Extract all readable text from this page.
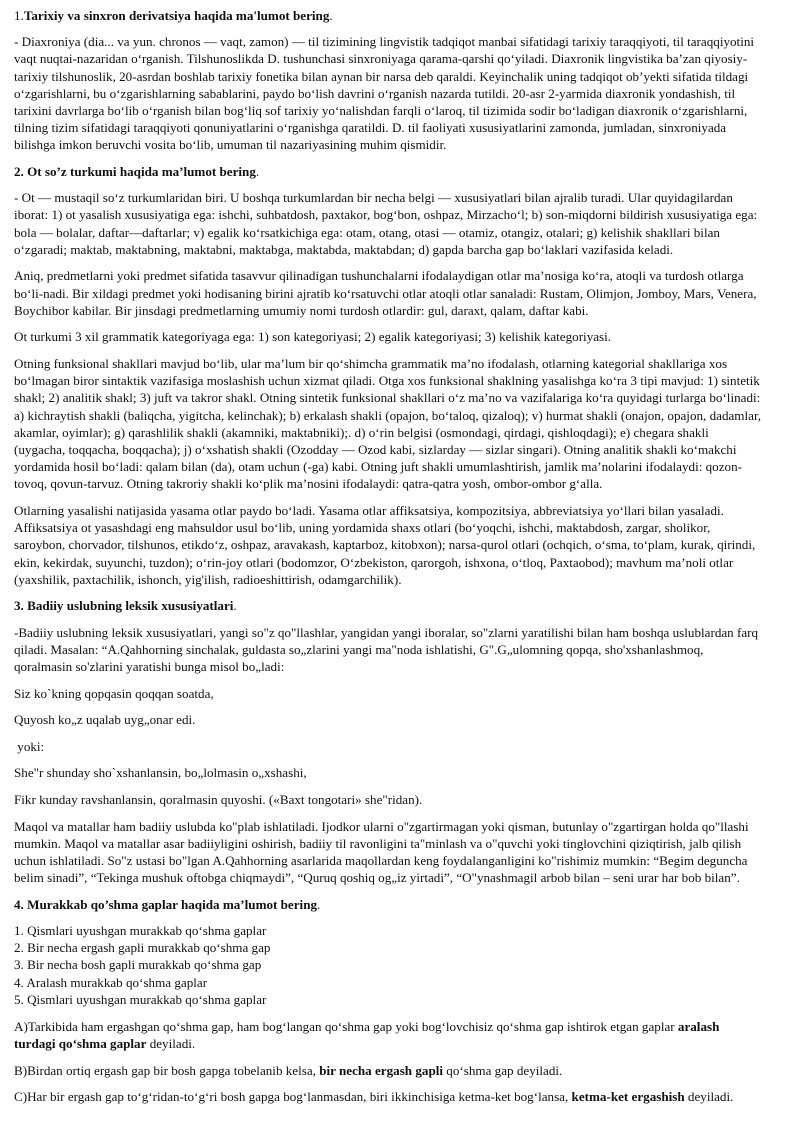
1.Tarixiy va sinxron derivatsiya haqida ma'lumot bering.

- Diaxroniya (dia... va yun. chronos — vaqt, zamon) — til tizimining lingvistik tadqiqot manbai sifatidagi tarixiy taraqqiyoti, til taraqqiyotini vaqt nuqtai-nazaridan oʻrganish. Tilshunoslikda D. tushunchasi sinxroniyaga qarama-qarshi qoʻyiladi. Diaxronik lingvistika baʼzan qiyosiy-tarixiy tilshunoslik, 20-asrdan boshlab tarixiy fonetika bilan aynan bir narsa deb qaraldi. Keyinchalik uning tadqiqot obʼyekti sifatida tildagi oʻzgarishlarni, bu oʻzgarishlarning sabablarini, paydo boʻlish davrini oʻrganish nazarda tutildi. 20-asr 2-yarmida diaxronik yondashish, til tarixini davrlarga boʻlib oʻrganish bilan bogʻliq sof tarixiy yoʻnalishdan farqli oʻlaroq, til tizimida sodir boʻladigan diaxronik oʻzgarishlarni, tilning tizim sifatidagi taraqqiyoti qonuniyatlarini oʻrganishga qaratildi. D. til faoliyati xususiyatlarini zamonda, jumladan, sinxroniyada bilishga imkon beruvchi vosita boʻlib, umuman til nazariyasining muhim qismidir.

2. Ot so’z turkumi haqida ma’lumot bering.

- Ot — mustaqil soʻz turkumlaridan biri. U boshqa turkumlardan bir necha belgi — xususiyatlari bilan ajralib turadi. Ular quyidagilardan iborat: 1) ot yasalish xususiyatiga ega: ishchi, suhbatdosh, paxtakor, bogʻbon, oshpaz, Mirzachoʻl; b) son-miqdorni bildirish xususiyatiga ega: bola — bolalar, daftar—daftarlar; v) egalik koʻrsatkichiga ega: otam, otang, otasi — otamiz, otangiz, otalari; g) kelishik shakllari bilan oʻzgaradi; maktab, maktabning, maktabni, maktabga, maktabda, maktabdan; d) gapda barcha gap boʻlaklari vazifasida keladi.

Aniq, predmetlarni yoki predmet sifatida tasavvur qilinadigan tushunchalarni ifodalaydigan otlar maʼnosiga koʻra, atoqli va turdosh otlarga boʻli-nadi. Bir xildagi predmet yoki hodisaning birini ajratib koʻrsatuvchi otlar atoqli otlar sanaladi: Rustam, Olimjon, Jomboy, Mars, Venera, Boychibor kabilar. Bir jinsdagi predmetlarning umumiy nomi turdosh otlardir: gul, daraxt, qalam, daftar kabi.

Ot turkumi 3 xil grammatik kategoriyaga ega: 1) son kategoriyasi; 2) egalik kategoriyasi; 3) kelishik kategoriyasi.

Otning funksional shakllari mavjud boʻlib, ular maʼlum bir qoʻshimcha grammatik maʼno ifodalash, otlarning kategorial shakllariga xos boʻlmagan biror sintaktik vazifasiga moslashish uchun xizmat qiladi. Otga xos funksional shaklning yasalishga koʻra 3 tipi mavjud: 1) sintetik shakl; 2) analitik shakl; 3) juft va takror shakl. Otning sintetik funksional shakllari oʻz maʼno va vazifalariga koʻra quyidagi turlarga boʻlinadi: a) kichraytish shakli (baliqcha, yigitcha, kelinchak); b) erkalash shakli (opajon, boʻtaloq, qizaloq); v) hurmat shakli (onajon, opajon, dadamlar, akamlar, oyimlar); g) qarashlilik shakli (akamniki, maktabniki);. d) oʻrin belgisi (osmondagi, qirdagi, qishloqdagi); e) chegara shakli (uygacha, toqqacha, boqqacha); j) oʻxshatish shakli (Ozodday — Ozod kabi, sizlarday — sizlar singari). Otning analitik shakli koʻmakchi yordamida hosil boʻladi: qalam bilan (da), otam uchun (-ga) kabi. Otning juft shakli umumlashtirish, jamlik maʼnolarini ifodalaydi: qozon-tovoq, qovun-tarvuz. Otning takroriy shakli koʻplik maʼnosini ifodalaydi: qatra-qatra yosh, ombor-ombor gʻalla.

Otlarning yasalishi natijasida yasama otlar paydo boʻladi. Yasama otlar affiksatsiya, kompozitsiya, abbreviatsiya yoʻllari bilan yasaladi. Affiksatsiya ot yasashdagi eng mahsuldor usul boʻlib, uning yordamida shaxs otlari (boʻyoqchi, ishchi, maktabdosh, zargar, sholikor, saroybon, chorvador, tilshunos, etikdoʻz, oshpaz, aravakash, kaptarboz, kitobxon); narsa-qurol otlari (ochqich, oʻsma, toʻplam, kurak, qirindi, ekin, kekirdak, suyunchi, tuzdon); oʻrin-joy otlari (bodomzor, Oʻzbekiston, qarorgoh, ishxona, oʻtloq, Paxtaobod); mavhum maʼnoli otlar (yaxshilik, paxtachilik, ishonch, yig'ilish, radioeshittirish, odamgarchilik).

3. Badiiy uslubning leksik xususiyatlari.

-Badiiy uslubning leksik xususiyatlari, yangi so"z qo"llashlar, yangidan yangi iboralar, so"zlarni yaratilishi bilan ham boshqa uslublardan farq qiladi. Masalan: “A.Qahhorning sinchalak, guldasta so„zlarini yangi ma"noda ishlatishi, G".G„ulomning qopqa, sho'xshanlashmoq, qoralmasin so'zlarini yaratishi bunga misol bo„ladi:

Siz ko`kning qopqasin qoqqan soatda,

Quyosh ko„z uqalab uyg„onar edi.

yoki:

She"r shunday sho`xshanlansin, bo„lolmasin o„xshashi,

Fikr kunday ravshanlansin, qoralmasin quyoshi. («Baxt tongotari» she"ridan).

Maqol va matallar ham badiiy uslubda ko"plab ishlatiladi. Ijodkor ularni o"zgartirmagan yoki qisman, butunlay o"zgartirgan holda qo"llashi mumkin. Maqol va matallar asar badiiyligini oshirish, badiiy til ravonligini ta"minlash va o"quvchi yoki tinglovchini qiziqtirish, jalb qilish uchun ishlatiladi. So"z ustasi bo"lgan A.Qahhorning asarlarida maqollardan keng foydalanganligini ko"rishimiz mumkin: “Begim deguncha belim sinadi”, “Tekinga mushuk oftobga chiqmaydi”, “Quruq qoshiq og„iz yirtadi”, “O"ynashmagil arbob bilan – seni urar har bob bilan”.

4. Murakkab qo’shma gaplar haqida ma’lumot bering.

1. Qismlari uyushgan murakkab qoʻshma gaplar
2. Bir necha ergash gapli murakkab qoʻshma gap
3. Bir necha bosh gapli murakkab qoʻshma gap
4. Aralash murakkab qoʻshma gaplar
5. Qismlari uyushgan murakkab qoʻshma gaplar

A)Tarkibida ham ergashgan qoʻshma gap, ham bogʻlangan qoʻshma gap yoki bogʻlovchisiz qoʻshma gap ishtirok etgan gaplar aralash turdagi qoʻshma gaplar deyiladi.

B)Birdan ortiq ergash gap bir bosh gapga tobelanib kelsa, bir necha ergash gapli qoʻshma gap deyiladi.

C)Har bir ergash gap toʻgʻridan-toʻgʻri bosh gapga bogʻlanmasdan, biri ikkinchisiga ketma-ket bogʻlansa, ketma-ket ergashish deyiladi.
